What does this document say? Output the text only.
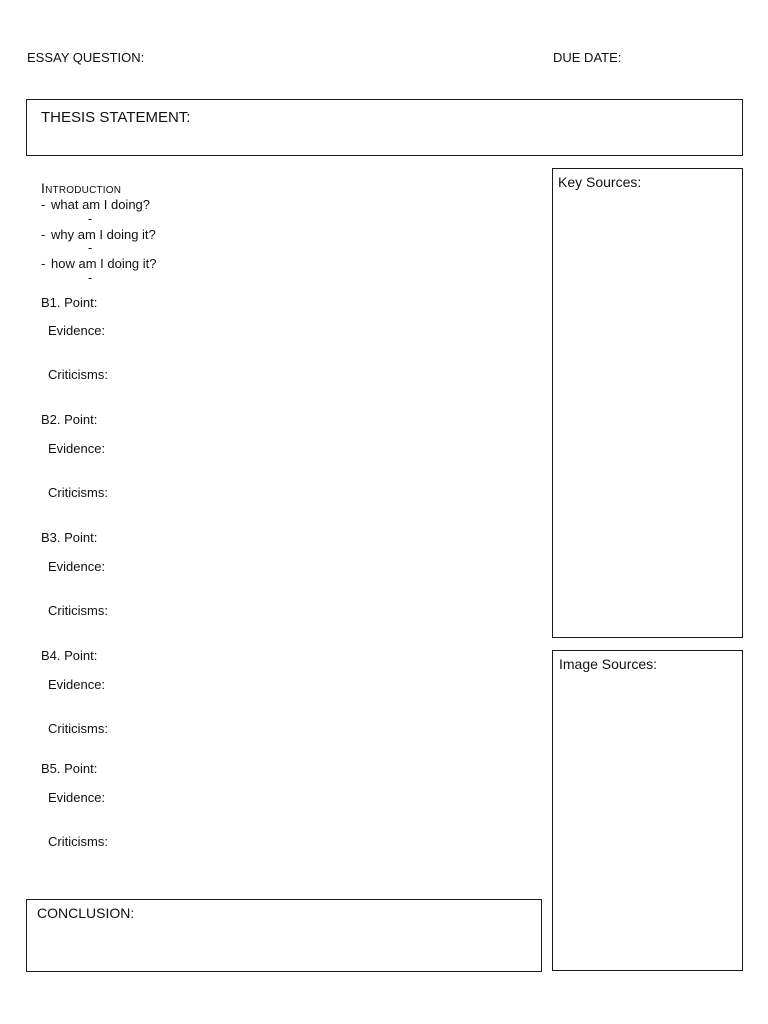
ESSAY QUESTION:	DUE DATE:
THESIS STATEMENT:
Introduction
- what am I doing?
-
- why am I doing it?
-
- how am I doing it?
-
B1. Point:
Evidence:
Criticisms:
B2. Point:
Evidence:
Criticisms:
B3. Point:
Evidence:
Criticisms:
B4. Point:
Evidence:
Criticisms:
B5. Point:
Evidence:
Criticisms:
CONCLUSION:
Key Sources:
Image Sources:
